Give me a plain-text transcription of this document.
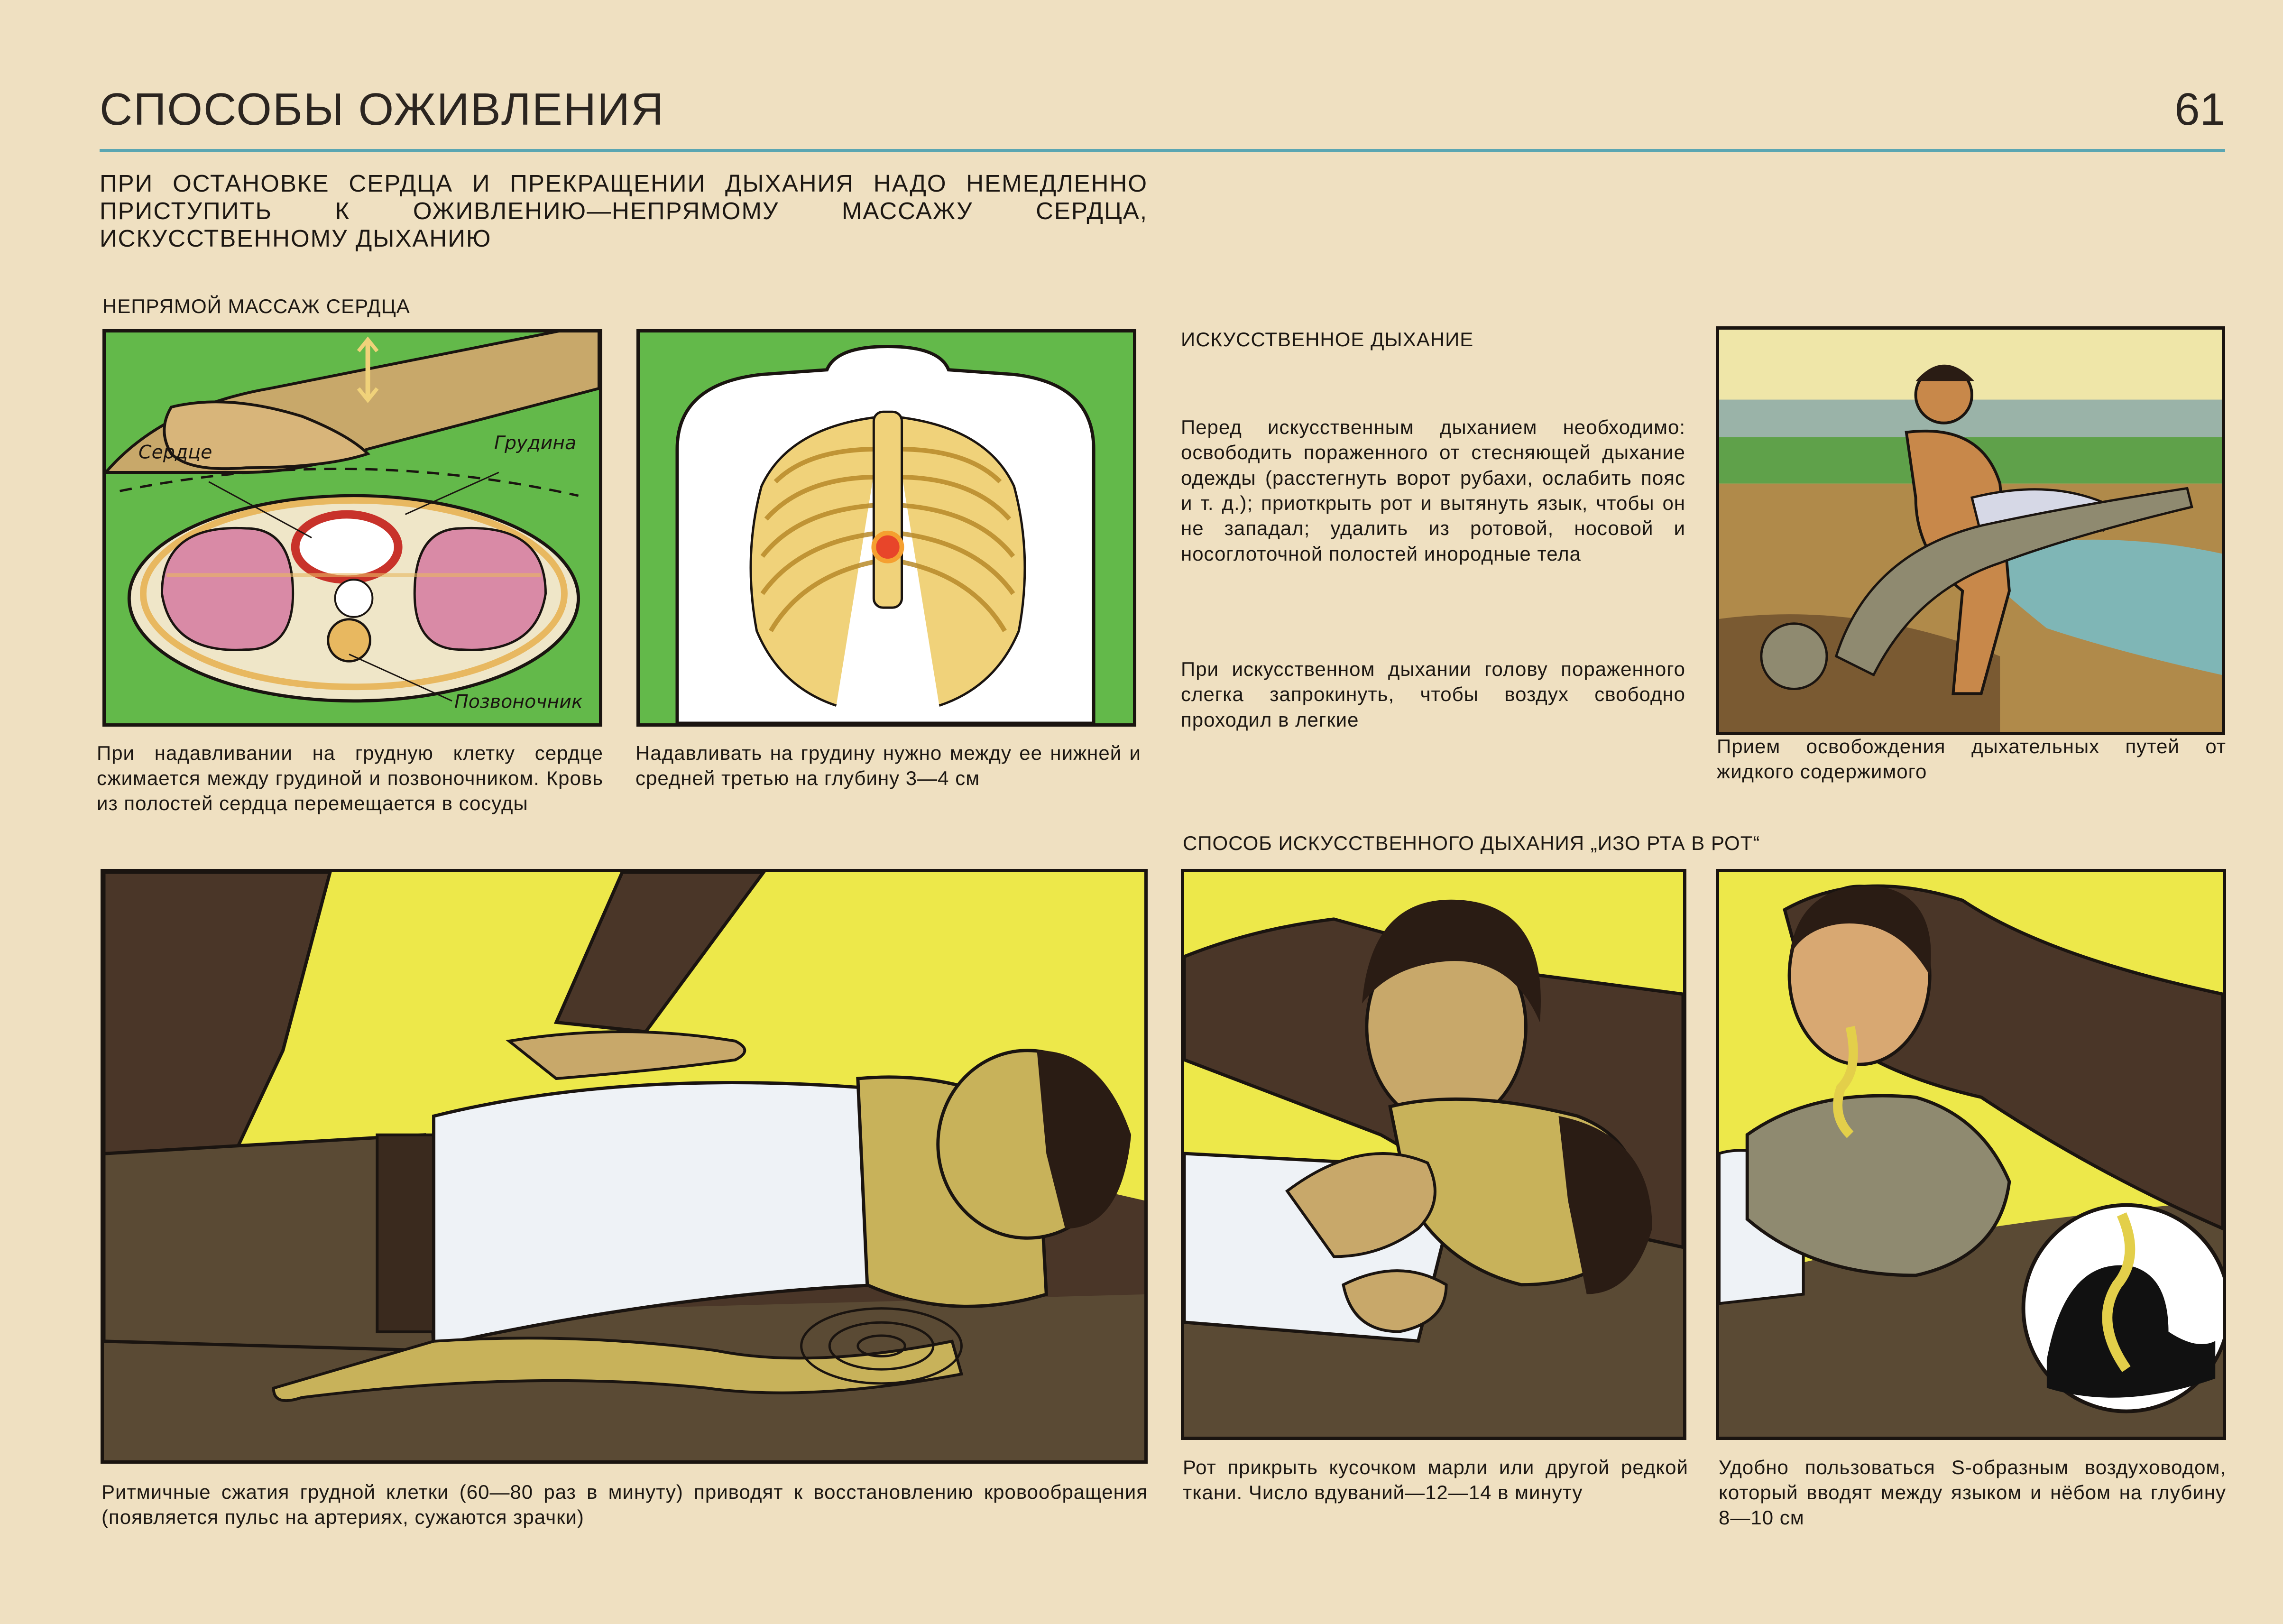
СПОСОБЫ ОЖИВЛЕНИЯ	61
ПРИ ОСТАНОВКЕ СЕРДЦА И ПРЕКРАЩЕНИИ ДЫХАНИЯ НАДО НЕМЕДЛЕННО ПРИСТУПИТЬ К ОЖИВЛЕНИЮ—НЕПРЯМОМУ МАССАЖУ СЕРДЦА, ИСКУССТВЕННОМУ ДЫХАНИЮ
НЕПРЯМОЙ МАССАЖ СЕРДЦА
ИСКУССТВЕННОЕ ДЫХАНИЕ
СПОСОБ ИСКУССТВЕННОГО ДЫХАНИЯ „ИЗО РТА В РОТ“
Сердце	Грудина
Позвоночник
При надавливании на грудную клетку сердце сжимается между грудиной и позвоночником. Кровь из полостей сердца перемещается в сосуды
Надавливать на грудину нужно между ее нижней и средней третью на глубину 3—4 см
Перед искусственным дыханием необходимо: освободить пораженного от стесняющей дыхание одежды (расстегнуть ворот рубахи, ослабить пояс и т. д.); приоткрыть рот и вытянуть язык, чтобы он не западал; удалить из ротовой, носовой и носоглоточной полостей инородные тела
При искусственном дыхании голову пораженного слегка запрокинуть, чтобы воздух свободно проходил в легкие
Прием освобождения дыхательных путей от жидкого содержимого
Ритмичные сжатия грудной клетки (60—80 раз в минуту) приводят к восстановлению кровообращения (появляется пульс на артериях, сужаются зрачки)
Рот прикрыть кусочком марли или другой редкой ткани. Число вдуваний—12—14 в минуту
Удобно пользоваться S-образным воздуховодом, который вводят между языком и нёбом на глубину 8—10 см
